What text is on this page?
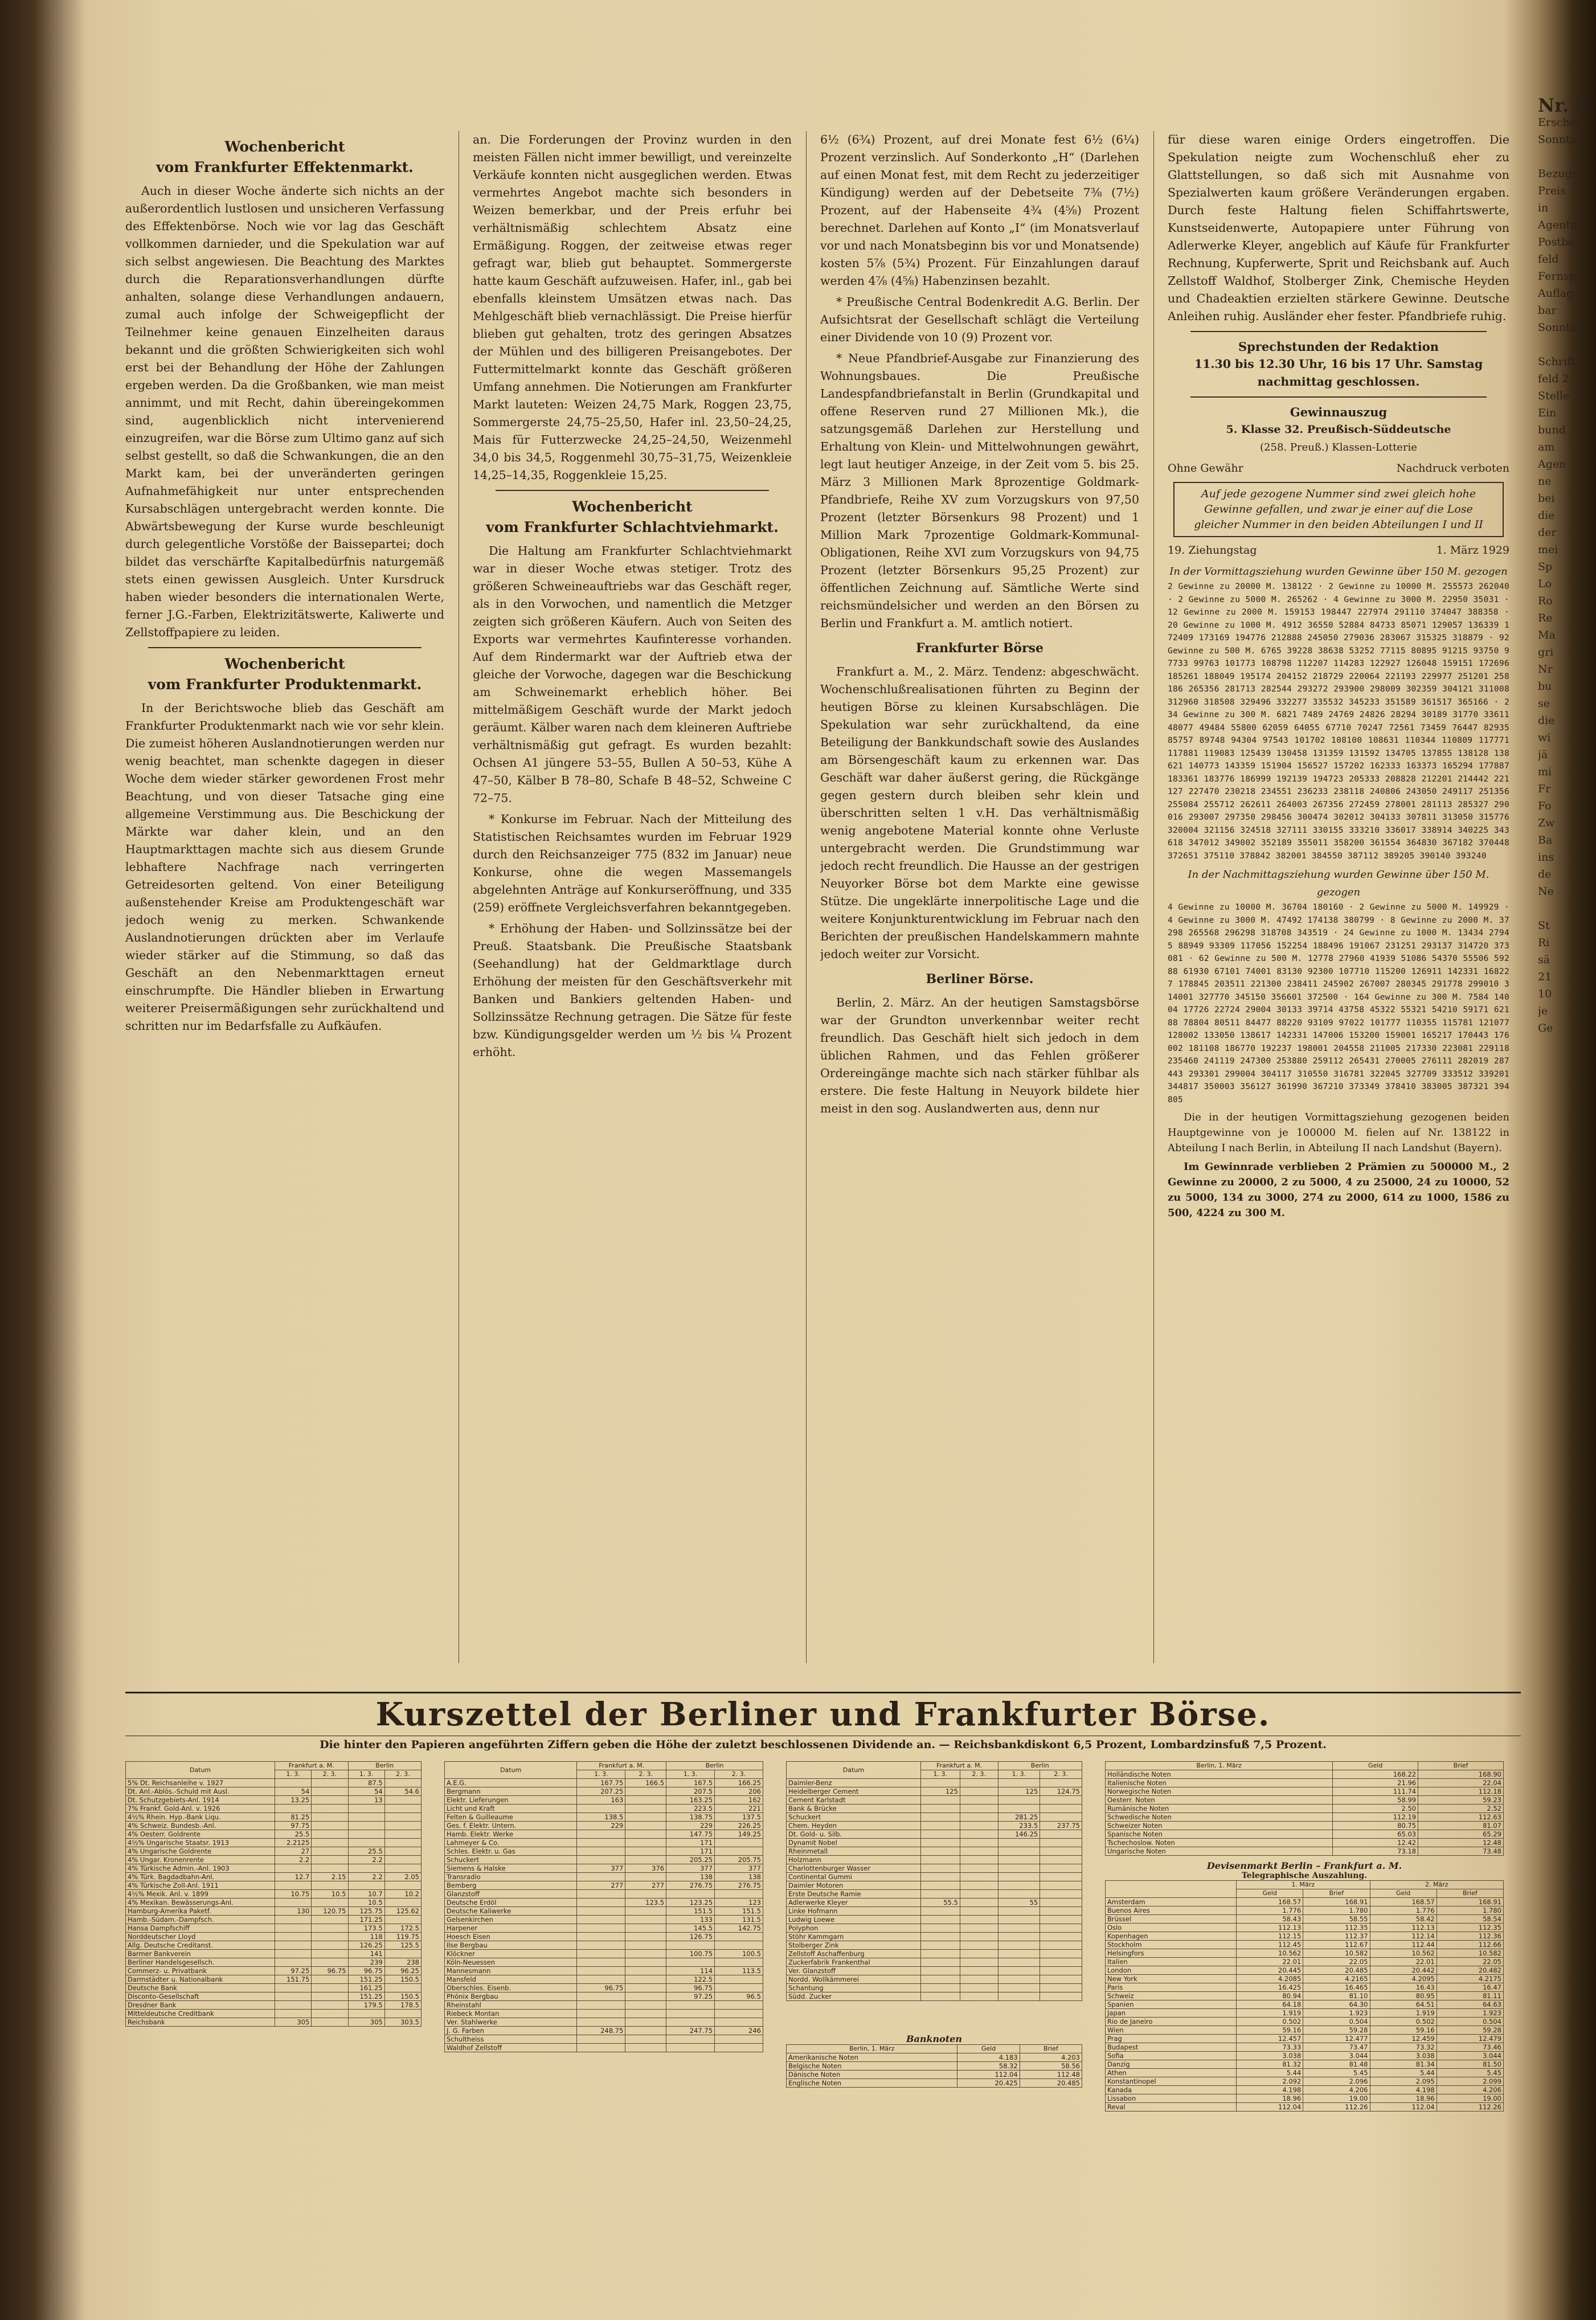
Wochenbericht
vom Frankfurter Effektenmarkt.

Auch in dieser Woche änderte sich nichts an der außerordentlich lustlosen und unsicheren Verfassung des Effektenbörse. Noch wie vor lag das Geschäft vollkommen darnieder, und die Spekulation war auf sich selbst angewiesen. Die Beachtung des Marktes durch die Reparationsverhandlungen dürfte anhalten, solange diese Verhandlungen andauern, zumal auch infolge der Schweigepflicht der Teilnehmer keine genauen Einzelheiten daraus bekannt und die größten Schwierigkeiten sich wohl erst bei der Behandlung der Höhe der Zahlungen ergeben werden. Da die Großbanken, wie man meist annimmt, und mit Recht, dahin übereingekommen sind, augenblicklich nicht intervenierend einzugreifen, war die Börse zum Ultimo ganz auf sich selbst gestellt, so daß die Schwankungen, die an den Markt kam, bei der unveränderten geringen Aufnahmefähigkeit nur unter entsprechenden Kursabschlägen untergebracht werden konnte. Die Abwärtsbewegung der Kurse wurde beschleunigt durch gelegentliche Vorstöße der Baissepartei; doch bildet das verschärfte Kapitalbedürfnis naturgemäß stets einen gewissen Ausgleich. Unter Kursdruck haben wieder besonders die internationalen Werte, ferner J.G.-Farben, Elektrizitätswerte, Kaliwerte und Zellstoffpapiere zu leiden.

Wochenbericht
vom Frankfurter Produktenmarkt.

In der Berichtswoche blieb das Geschäft am Frankfurter Produktenmarkt nach wie vor sehr klein. Die zumeist höheren Auslandnotierungen werden nur wenig beachtet, man schenkte dagegen in dieser Woche dem wieder stärker gewordenen Frost mehr Beachtung, und von dieser Tatsache ging eine allgemeine Verstimmung aus. Die Beschickung der Märkte war daher klein, und an den Hauptmarkttagen machte sich aus diesem Grunde lebhaftere Nachfrage nach verringerten Getreidesorten geltend. Von einer Beteiligung außenstehender Kreise am Produktengeschäft war jedoch wenig zu merken. Schwankende Auslandnotierungen drückten aber im Verlaufe wieder stärker auf die Stimmung, so daß das Geschäft an den Nebenmarkttagen erneut einschrumpfte. Die Händler blieben in Erwartung weiterer Preisermäßigungen sehr zurückhaltend und schritten nur im Bedarfsfalle zu Aufkäufen.

an. Die Forderungen der Provinz wurden in den meisten Fällen nicht immer bewilligt, und vereinzelte Verkäufe konnten nicht ausgeglichen werden. Etwas vermehrtes Angebot machte sich besonders in Weizen bemerkbar, und der Preis erfuhr bei verhältnismäßig schlechtem Absatz eine Ermäßigung. Roggen, der zeitweise etwas reger gefragt war, blieb gut behauptet. Sommergerste hatte kaum Geschäft aufzuweisen. Hafer, inl., gab bei ebenfalls kleinstem Umsätzen etwas nach. Das Mehlgeschäft blieb vernachlässigt. Die Preise hierfür blieben gut gehalten, trotz des geringen Absatzes der Mühlen und des billigeren Preisangebotes. Der Futtermittelmarkt konnte das Geschäft größeren Umfang annehmen. Die Notierungen am Frankfurter Markt lauteten: Weizen 24,75 Mark, Roggen 23,75, Sommergerste 24,75–25,50, Hafer inl. 23,50–24,25, Mais für Futterzwecke 24,25–24,50, Weizenmehl 34,0 bis 34,5, Roggenmehl 30,75–31,75, Weizenkleie 14,25–14,35, Roggenkleie 15,25.

Wochenbericht
vom Frankfurter Schlachtviehmarkt.

Die Haltung am Frankfurter Schlachtviehmarkt war in dieser Woche etwas stetiger. Trotz des größeren Schweineauftriebs war das Geschäft reger, als in den Vorwochen, und namentlich die Metzger zeigten sich größeren Käufern. Auch von Seiten des Exports war vermehrtes Kaufinteresse vorhanden. Auf dem Rindermarkt war der Auftrieb etwa der gleiche der Vorwoche, dagegen war die Beschickung am Schweinemarkt erheblich höher. Bei mittelmäßigem Geschäft wurde der Markt jedoch geräumt. Kälber waren nach dem kleineren Auftriebe verhältnismäßig gut gefragt. Es wurden bezahlt: Ochsen A1 jüngere 53–55, Bullen A 50–53, Kühe A 47–50, Kälber B 78–80, Schafe B 48–52, Schweine C 72–75.

* Konkurse im Februar. Nach der Mitteilung des Statistischen Reichsamtes wurden im Februar 1929 durch den Reichsanzeiger 775 (832 im Januar) neue Konkurse, ohne die wegen Massemangels abgelehnten Anträge auf Konkurseröffnung, und 335 (259) eröffnete Vergleichsverfahren bekanntgegeben.

* Erhöhung der Haben- und Sollzinssätze bei der Preuß. Staatsbank. Die Preußische Staatsbank (Seehandlung) hat der Geldmarktlage durch Erhöhung der meisten für den Geschäftsverkehr mit Banken und Bankiers geltenden Haben- und Sollzinssätze Rechnung getragen. Die Sätze für feste bzw. Kündigungsgelder werden um ½ bis ¼ Prozent erhöht.

6½ (6¾) Prozent, auf drei Monate fest 6½ (6¼) Prozent verzinslich. Auf Sonderkonto „H“ (Darlehen auf einen Monat fest, mit dem Recht zu jederzeitiger Kündigung) werden auf der Debetseite 7⅜ (7½) Prozent, auf der Habenseite 4¾ (4⅝) Prozent berechnet. Darlehen auf Konto „I“ (im Monatsverlauf vor und nach Monatsbeginn bis vor und Monatsende) kosten 5⅞ (5¾) Prozent. Für Einzahlungen darauf werden 4⅞ (4⅝) Habenzinsen bezahlt.

* Preußische Central Bodenkredit A.G. Berlin. Der Aufsichtsrat der Gesellschaft schlägt die Verteilung einer Dividende von 10 (9) Prozent vor.

* Neue Pfandbrief-Ausgabe zur Finanzierung des Wohnungsbaues. Die Preußische Landespfandbriefanstalt in Berlin (Grundkapital und offene Reserven rund 27 Millionen Mk.), die satzungsgemäß Darlehen zur Herstellung und Erhaltung von Klein- und Mittelwohnungen gewährt, legt laut heutiger Anzeige, in der Zeit vom 5. bis 25. März 3 Millionen Mark 8prozentige Goldmark-Pfandbriefe, Reihe XV zum Vorzugskurs von 97,50 Prozent (letzter Börsenkurs 98 Prozent) und 1 Million Mark 7prozentige Goldmark-Kommunal-Obligationen, Reihe XVI zum Vorzugskurs von 94,75 Prozent (letzter Börsenkurs 95,25 Prozent) zur öffentlichen Zeichnung auf. Sämtliche Werte sind reichsmündelsicher und werden an den Börsen zu Berlin und Frankfurt a. M. amtlich notiert.

Frankfurter Börse

Frankfurt a. M., 2. März. Tendenz: abgeschwächt. Wochenschlußrealisationen führten zu Beginn der heutigen Börse zu kleinen Kursabschlägen. Die Spekulation war sehr zurückhaltend, da eine Beteiligung der Bankkundschaft sowie des Auslandes am Börsengeschäft kaum zu erkennen war. Das Geschäft war daher äußerst gering, die Rückgänge gegen gestern durch bleiben sehr klein und überschritten selten 1 v.H. Das verhältnismäßig wenig angebotene Material konnte ohne Verluste untergebracht werden. Die Grundstimmung war jedoch recht freundlich. Die Hausse an der gestrigen Neuyorker Börse bot dem Markte eine gewisse Stütze. Die ungeklärte innerpolitische Lage und die weitere Konjunkturentwicklung im Februar nach den Berichten der preußischen Handelskammern mahnte jedoch weiter zur Vorsicht.

Berliner Börse.

Berlin, 2. März. An der heutigen Samstagsbörse war der Grundton unverkennbar weiter recht freundlich. Das Geschäft hielt sich jedoch in dem üblichen Rahmen, und das Fehlen größerer Ordereingänge machte sich nach stärker fühlbar als erstere. Die feste Haltung in Neuyork bildete hier meist in den sog. Auslandwerten aus, denn nur

für diese waren einige Orders eingetroffen. Die Spekulation neigte zum Wochenschluß eher zu Glattstellungen, so daß sich mit Ausnahme von Spezialwerten kaum größere Veränderungen ergaben. Durch feste Haltung fielen Schiffahrtswerte, Kunstseidenwerte, Autopapiere unter Führung von Adlerwerke Kleyer, angeblich auf Käufe für Frankfurter Rechnung, Kupferwerte, Sprit und Reichsbank auf. Auch Zellstoff Waldhof, Stolberger Zink, Chemische Heyden und Chadeaktien erzielten stärkere Gewinne. Deutsche Anleihen ruhig. Ausländer eher fester. Pfandbriefe ruhig.

Sprechstunden der Redaktion
11.30 bis 12.30 Uhr, 16 bis 17 Uhr. Samstag nachmittag geschlossen.
Gewinnauszug
5. Klasse 32. Preußisch-Süddeutsche
(258. Preuß.) Klassen-Lotterie
Ohne Gewähr	Nachdruck verboten
Auf jede gezogene Nummer sind zwei gleich hohe Gewinne gefallen, und zwar je einer auf die Lose gleicher Nummer in den beiden Abteilungen I und II
19. Ziehungstag	1. März 1929
In der Vormittagsziehung wurden Gewinne über 150 M. gezogen
2 Gewinne zu 20000 M. 138122 · 2 Gewinne zu 10000 M. 255573 262040 · 2 Gewinne zu 5000 M. 265262 · 4 Gewinne zu 3000 M. 22950 35031 · 12 Gewinne zu 2000 M. 159153 198447 227974 291110 374047 388358 · 20 Gewinne zu 1000 M. 4912 36550 52884 84733 85071 129057 136339 172409 173169 194776 212888 245050 279036 283067 315325 318879 · 92 Gewinne zu 500 M. 6765 39228 38638 53252 77115 80895 91215 93750 97733 99763 101773 108798 112207 114283 122927 126048 159151 172696 185261 188049 195174 204152 218729 220064 221193 229977 251201 258186 265356 281713 282544 293272 293900 298009 302359 304121 311008 312960 318508 329496 332277 335532 345233 351589 361517 365166 · 234 Gewinne zu 300 M. 6821 7489 24769 24826 28294 30189 31770 33611 48077 49484 55800 62059 64055 67710 70247 72561 73459 76447 82935 85757 89748 94304 97543 101702 108100 108631 110344 110809 117771 117881 119083 125439 130458 131359 131592 134705 137855 138128 138621 140773 143359 151904 156527 157202 162333 163373 165294 177887 183361 183776 186999 192139 194723 205333 208828 212201 214442 221127 227470 230218 234551 236233 238118 240806 243050 249117 251356 255084 255712 262611 264003 267356 272459 278001 281113 285327 290016 293007 297350 298456 300474 302012 304133 307811 313050 315776 320004 321156 324518 327111 330155 333210 336017 338914 340225 343618 347012 349002 352189 355011 358200 361554 364830 367182 370448 372651 375110 378842 382001 384550 387112 389205 390140 393240
In der Nachmittagsziehung wurden Gewinne über 150 M. gezogen
4 Gewinne zu 10000 M. 36704 180160 · 2 Gewinne zu 5000 M. 149929 · 4 Gewinne zu 3000 M. 47492 174138 380799 · 8 Gewinne zu 2000 M. 37298 265568 296298 318708 343519 · 24 Gewinne zu 1000 M. 13434 27945 88949 93309 117056 152254 188496 191067 231251 293137 314720 373081 · 62 Gewinne zu 500 M. 12778 27960 41939 51086 54370 55506 59288 61930 67101 74001 83130 92300 107710 115200 126911 142331 168227 178845 203511 221300 238411 245902 267007 280345 291778 299010 314001 327770 345150 356601 372500 · 164 Gewinne zu 300 M. 7584 14004 17726 22724 29004 30133 39714 43758 45322 55321 54210 59171 62188 78804 80511 84477 88220 93109 97022 101777 110355 115781 121077 128002 133050 138617 142331 147006 153200 159001 165217 170443 176002 181108 186770 192237 198001 204558 211005 217330 223081 229118 235460 241119 247300 253880 259112 265431 270005 276111 282019 287443 293301 299004 304117 310550 316781 322045 327709 333512 339201 344817 350003 356127 361990 367210 373349 378410 383005 387321 394805

Die in der heutigen Vormittagsziehung gezogenen beiden Hauptgewinne von je 100000 M. fielen auf Nr. 138122 in Abteilung I nach Berlin, in Abteilung II nach Landshut (Bayern).

Im Gewinnrade verblieben 2 Prämien zu 500000 M., 2 Gewinne zu 20000, 2 zu 5000, 4 zu 25000, 24 zu 10000, 52 zu 5000, 134 zu 3000, 274 zu 2000, 614 zu 1000, 1586 zu 500, 4224 zu 300 M.

Kurszettel der Berliner und Frankfurter Börse.
Die hinter den Papieren angeführten Ziffern geben die Höhe der zuletzt beschlossenen Dividende an. — Reichsbankdiskont 6,5 Prozent, Lombardzinsfuß 7,5 Prozent.
Datum	Frankfurt a. M.		Berlin	
	1. 3.	2. 3.	1. 3.	2. 3.
5% Dt. Reichsanleihe v. 1927			87.5	
Dt. Anl.-Ablös.-Schuld mit Ausl.	54		54	54.6
Dt. Schutzgebiets-Anl. 1914	13.25		13	
7% Frankf. Gold-Anl. v. 1926				
4½% Rhein. Hyp.-Bank Liqu.	81.25			
4% Schweiz. Bundesb.-Anl.	97.75			
4% Oesterr. Goldrente	25.5			
4½% Ungarische Staatsr. 1913	2.2125			
4% Ungarische Goldrente	27		25.5	
4% Ungar. Kronenrente	2.2		2.2	
4% Türkische Admin.-Anl. 1903				
4% Türk. Bagdadbahn-Anl.	12.7	2.15	2.2	2.05
4% Türkische Zoll-Anl. 1911				
4½% Mexik. Anl. v. 1899	10.75	10.5	10.7	10.2
4% Mexikan. Bewässerungs-Anl.			10.5	
Hamburg-Amerika Paketf.	130	120.75	125.75	125.62
Hamb.-Südam.-Dampfsch.			171.25	
Hansa Dampfschiff			173.5	172.5
Norddeutscher Lloyd			118	119.75
Allg. Deutsche Creditanst.			126.25	125.5
Barmer Bankverein			141	
Berliner Handelsgesellsch.			239	238
Commerz- u. Privatbank	97.25	96.75	96.75	96.25
Darmstädter u. Nationalbank	151.75		151.25	150.5
Deutsche Bank			161.25	
Disconto-Gesellschaft			151.25	150.5
Dresdner Bank			179.5	178.5
Mitteldeutsche Creditbank				
Reichsbank	305		305	303.5
Datum	Frankfurt a. M.		Berlin	
	1. 3.	2. 3.	1. 3.	2. 3.
A.E.G.	167.75	166.5	167.5	166.25
Bergmann	207.25		207.5	206
Elektr. Lieferungen	163		163.25	162
Licht und Kraft			223.5	221
Felten & Guilleaume	138.5		138.75	137.5
Ges. f. Elektr. Untern.	229		229	226.25
Hamb. Elektr. Werke			147.75	149.25
Lahmeyer & Co.			171	
Schles. Elektr. u. Gas			171	
Schuckert			205.25	205.75
Siemens & Halske	377	376	377	377
Transradio			138	138
Bemberg	277	277	276.75	276.75
Glanzstoff				
Deutsche Erdöl		123.5	123.25	123
Deutsche Kaliwerke			151.5	151.5
Gelsenkirchen			133	131.5
Harpener			145.5	142.75
Hoesch Eisen			126.75	
Ilse Bergbau				
Klöckner			100.75	100.5
Köln-Neuessen				
Mannesmann			114	113.5
Mansfeld			122.5	
Oberschles. Eisenb.	96.75		96.75	
Phönix Bergbau			97.25	96.5
Rheinstahl				
Riebeck Montan				
Ver. Stahlwerke				
J. G. Farben	248.75		247.75	246
Schultheiss				
Waldhof Zellstoff				
Datum	Frankfurt a. M.		Berlin	
	1. 3.	2. 3.	1. 3.	2. 3.
Daimler-Benz				
Heidelberger Cement	125		125	124.75
Cement Karlstadt				
Bank & Brücke				
Schuckert			281.25	
Chem. Heyden			233.5	237.75
Dt. Gold- u. Silb.			146.25	
Dynamit Nobel				
Rheinmetall				
Holzmann				
Charlottenburger Wasser				
Continental Gummi				
Daimler Motoren				
Erste Deutsche Ramie				
Adlerwerke Kleyer	55.5		55	
Linke Hofmann				
Ludwig Loewe				
Polyphon				
Stöhr Kammgarn				
Stolberger Zink				
Zellstoff Aschaffenburg				
Zuckerfabrik Frankenthal				
Ver. Glanzstoff				
Nordd. Wollkämmerei				
Schantung				
Südd. Zucker				
Banknoten
Berlin, 1. März	Geld	Brief
Amerikanische Noten	4.183	4.203
Belgische Noten	58.32	58.56
Dänische Noten	112.04	112.48
Englische Noten	20.425	20.485
Berlin, 1. März	Geld	Brief
Holländische Noten	168.22	168.90
Italienische Noten	21.96	22.04
Norwegische Noten	111.74	112.18
Oesterr. Noten	58.99	59.23
Rumänische Noten	2.50	2.52
Schwedische Noten	112.19	112.63
Schweizer Noten	80.75	81.07
Spanische Noten	65.03	65.29
Tschechoslow. Noten	12.42	12.48
Ungarische Noten	73.18	73.48
Devisenmarkt Berlin – Frankfurt a. M.
Telegraphische Auszahlung.
	1. März		2. März	
	Geld	Brief	Geld	Brief
Amsterdam	168.57	168.91	168.57	168.91
Buenos Aires	1.776	1.780	1.776	1.780
Brüssel	58.43	58.55	58.42	58.54
Oslo	112.13	112.35	112.13	112.35
Kopenhagen	112.15	112.37	112.14	112.36
Stockholm	112.45	112.67	112.44	112.66
Helsingfors	10.562	10.582	10.562	10.582
Italien	22.01	22.05	22.01	22.05
London	20.445	20.485	20.442	20.482
New York	4.2085	4.2165	4.2095	4.2175
Paris	16.425	16.465	16.43	16.47
Schweiz	80.94	81.10	80.95	81.11
Spanien	64.18	64.30	64.51	64.63
Japan	1.919	1.923	1.919	1.923
Rio de Janeiro	0.502	0.504	0.502	0.504
Wien	59.16	59.28	59.16	59.28
Prag	12.457	12.477	12.459	12.479
Budapest	73.33	73.47	73.32	73.46
Sofia	3.038	3.044	3.038	3.044
Danzig	81.32	81.48	81.34	81.50
Athen	5.44	5.45	5.44	5.45
Konstantinopel	2.092	2.096	2.095	2.099
Kanada	4.198	4.206	4.198	4.206
Lissabon	18.96	19.00	18.96	19.00
Reval	112.04	112.26	112.04	112.26
Nr. 5
Erschei
Sonntag

Bezugs
Preis
in
Agentu
Postbe
feld
Fernsp
Auflag
bar
Sonntag

Schrift
feld 2
Stelle
Ein
bund
am
Agen
ne
bei
die
der
mei
Sp
Lo
Ro
Re
Ma
gri
Nr
bu
se
die
wi
jä
mi
Fr
Fo
Zw
Ba
ins
de
Ne

St
Ri
sä
21
10
je
Ge
